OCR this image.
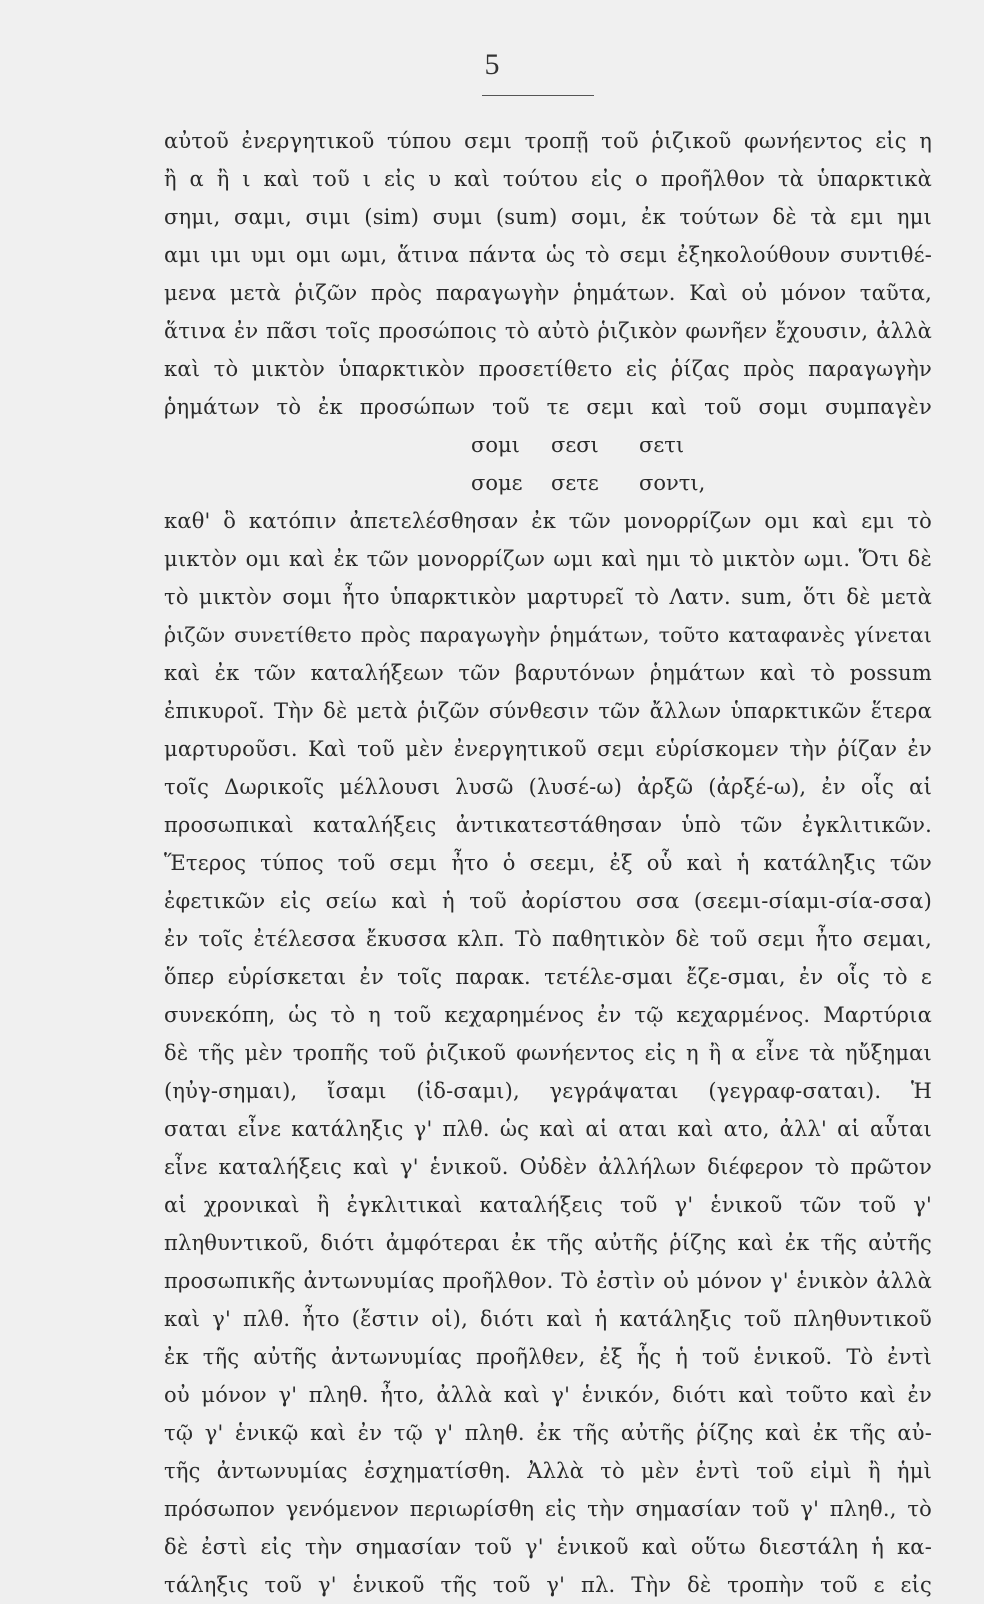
5
αὐτοῦ ἐνεργητικοῦ τύπου σεμι τροπῇ τοῦ ῥιζικοῦ φωνήεντος εἰς η
ἢ α ἢ ι καὶ τοῦ ι εἰς υ καὶ τούτου εἰς ο προῆλθον τὰ ὑπαρκτικὰ
σημι, σαμι, σιμι (sim) συμι (sum) σομι, ἐκ τούτων δὲ τὰ εμι ημι
αμι ιμι υμι ομι ωμι, ἅτινα πάντα ὡς τὸ σεμι ἐξηκολούθουν συντιθέ-
μενα μετὰ ῥιζῶν πρὸς παραγωγὴν ῥημάτων. Καὶ οὐ μόνον ταῦτα,
ἅτινα ἐν πᾶσι τοῖς προσώποις τὸ αὐτὸ ῥιζικὸν φωνῆεν ἔχουσιν, ἀλλὰ
καὶ τὸ μικτὸν ὑπαρκτικὸν προσετίθετο εἰς ῥίζας πρὸς παραγωγὴν
ῥημάτων τὸ ἐκ προσώπων τοῦ τε σεμι καὶ τοῦ σομι συμπαγὲν
σομι σεσι σετι
σομε σετε σοντι,
καθ' ὃ κατόπιν ἀπετελέσθησαν ἐκ τῶν μονορρίζων ομι καὶ εμι τὸ
μικτὸν ομι καὶ ἐκ τῶν μονορρίζων ωμι καὶ ημι τὸ μικτὸν ωμι. Ὅτι δὲ
τὸ μικτὸν σομι ἦτο ὑπαρκτικὸν μαρτυρεῖ τὸ Λατν. sum, ὅτι δὲ μετὰ
ῥιζῶν συνετίθετο πρὸς παραγωγὴν ῥημάτων, τοῦτο καταφανὲς γίνεται
καὶ ἐκ τῶν καταλήξεων τῶν βαρυτόνων ῥημάτων καὶ τὸ possum
ἐπικυροῖ. Τὴν δὲ μετὰ ῥιζῶν σύνθεσιν τῶν ἄλλων ὑπαρκτικῶν ἕτερα
μαρτυροῦσι. Καὶ τοῦ μὲν ἐνεργητικοῦ σεμι εὑρίσκομεν τὴν ῥίζαν ἐν
τοῖς Δωρικοῖς μέλλουσι λυσῶ (λυσέ-ω) ἀρξῶ (ἀρξέ-ω), ἐν οἷς αἱ
προσωπικαὶ καταλήξεις ἀντικατεστάθησαν ὑπὸ τῶν ἐγκλιτικῶν.
Ἕτερος τύπος τοῦ σεμι ἦτο ὁ σεεμι, ἐξ οὗ καὶ ἡ κατάληξις τῶν
ἐφετικῶν εἰς σείω καὶ ἡ τοῦ ἀορίστου σσα (σεεμι-σίαμι-σία-σσα)
ἐν τοῖς ἐτέλεσσα ἔκυσσα κλπ. Τὸ παθητικὸν δὲ τοῦ σεμι ἦτο σεμαι,
ὅπερ εὑρίσκεται ἐν τοῖς παρακ. τετέλε-σμαι ἔζε-σμαι, ἐν οἷς τὸ ε
συνεκόπη, ὡς τὸ η τοῦ κεχαρημένος ἐν τῷ κεχαρμένος. Μαρτύρια
δὲ τῆς μὲν τροπῆς τοῦ ῥιζικοῦ φωνήεντος εἰς η ἢ α εἶνε τὰ ηὔξημαι
(ηὐγ-σημαι), ἴσαμι (ἰδ-σαμι), γεγράψαται (γεγραφ-σαται). Ἡ
σαται εἶνε κατάληξις γ' πλθ. ὡς καὶ αἱ αται καὶ ατο, ἀλλ' αἱ αὗται
εἶνε καταλήξεις καὶ γ' ἑνικοῦ. Οὐδὲν ἀλλήλων διέφερον τὸ πρῶτον
αἱ χρονικαὶ ἢ ἐγκλιτικαὶ καταλήξεις τοῦ γ' ἑνικοῦ τῶν τοῦ γ'
πληθυντικοῦ, διότι ἀμφότεραι ἐκ τῆς αὐτῆς ῥίζης καὶ ἐκ τῆς αὐτῆς
προσωπικῆς ἀντωνυμίας προῆλθον. Τὸ ἐστὶν οὐ μόνον γ' ἑνικὸν ἀλλὰ
καὶ γ' πλθ. ἦτο (ἔστιν οἱ), διότι καὶ ἡ κατάληξις τοῦ πληθυντικοῦ
ἐκ τῆς αὐτῆς ἀντωνυμίας προῆλθεν, ἐξ ἧς ἡ τοῦ ἑνικοῦ. Τὸ ἐντὶ
οὐ μόνον γ' πληθ. ἦτο, ἀλλὰ καὶ γ' ἑνικόν, διότι καὶ τοῦτο καὶ ἐν
τῷ γ' ἑνικῷ καὶ ἐν τῷ γ' πληθ. ἐκ τῆς αὐτῆς ῥίζης καὶ ἐκ τῆς αὐ-
τῆς ἀντωνυμίας ἐσχηματίσθη. Ἀλλὰ τὸ μὲν ἐντὶ τοῦ εἰμὶ ἢ ἡμὶ
πρόσωπον γενόμενον περιωρίσθη εἰς τὴν σημασίαν τοῦ γ' πληθ., τὸ
δὲ ἐστὶ εἰς τὴν σημασίαν τοῦ γ' ἑνικοῦ καὶ οὕτω διεστάλη ἡ κα-
τάληξις τοῦ γ' ἑνικοῦ τῆς τοῦ γ' πλ. Τὴν δὲ τροπὴν τοῦ ε εἰς
